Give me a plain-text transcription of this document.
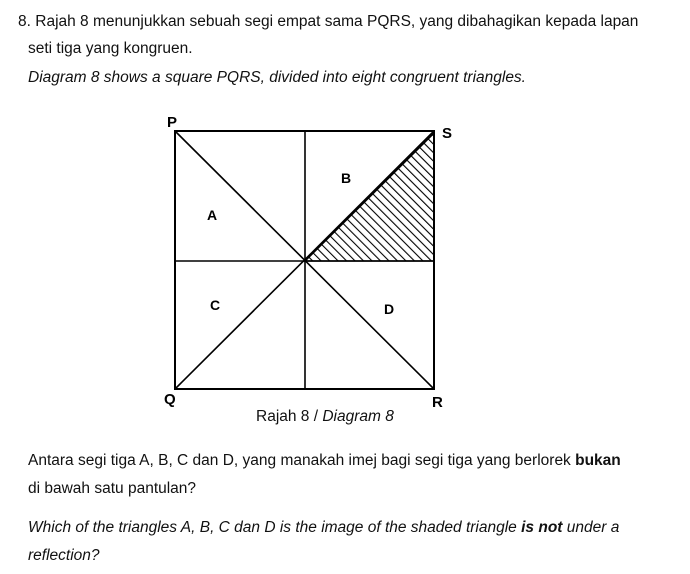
8. Rajah 8 menunjukkan sebuah segi empat sama PQRS, yang dibahagikan kepada lapan
seti tiga yang kongruen.
Diagram 8 shows a square PQRS, divided into eight congruent triangles.
P
S
Q	R
A
B
C	D
Rajah 8 / Diagram 8
Antara segi tiga A, B, C dan D, yang manakah imej bagi segi tiga yang berlorek bukan
di bawah satu pantulan?
Which of the triangles A, B, C dan D is the image of the shaded triangle is not under a
reflection?
